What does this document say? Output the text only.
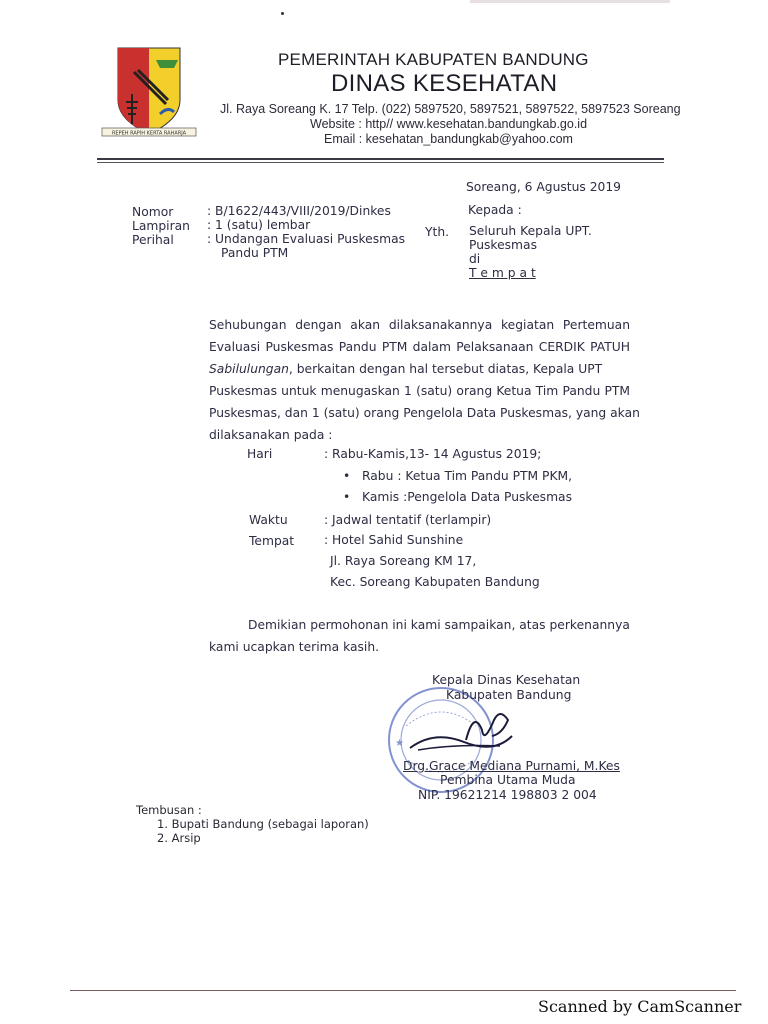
REPEH RAPIH KERTA RAHARJA
PEMERINTAH KABUPATEN BANDUNG
DINAS KESEHATAN
Jl. Raya Soreang K. 17 Telp. (022) 5897520, 5897521, 5897522, 5897523 Soreang
Website : http// www.kesehatan.bandungkab.go.id
Email : kesehatan_bandungkab@yahoo.com
Soreang, 6 Agustus 2019
Nomor	: B/1622/443/VIII/2019/Dinkes
Lampiran : 1 (satu) lembar
Perihal	: Undangan Evaluasi Puskesmas
Pandu PTM
Kepada :
Yth. Seluruh Kepala UPT.
Puskesmas
di
T e m p a t
Sehubungan dengan akan dilaksanakannya kegiatan Pertemuan
Evaluasi Puskesmas Pandu PTM dalam Pelaksanaan CERDIK PATUH
Sabilulungan, berkaitan dengan hal tersebut diatas, Kepala UPT
Puskesmas untuk menugaskan 1 (satu) orang Ketua Tim Pandu PTM
Puskesmas, dan 1 (satu) orang Pengelola Data Puskesmas, yang akan
dilaksanakan pada :
Hari	: Rabu-Kamis,13- 14 Agustus 2019;
• Rabu : Ketua Tim Pandu PTM PKM,
• Kamis :Pengelola Data Puskesmas
Waktu	: Jadwal tentatif (terlampir)
Tempat : Hotel Sahid Sunshine
Jl. Raya Soreang KM 17,
Kec. Soreang Kabupaten Bandung
Demikian permohonan ini kami sampaikan, atas perkenannya
kami ucapkan terima kasih.
★
Kepala Dinas Kesehatan
Kabupaten Bandung
Drg.Grace Mediana Purnami, M.Kes
Pembina Utama Muda
NIP. 19621214 198803 2 004
Tembusan :
1. Bupati Bandung (sebagai laporan)
2. Arsip
Scanned by CamScanner
